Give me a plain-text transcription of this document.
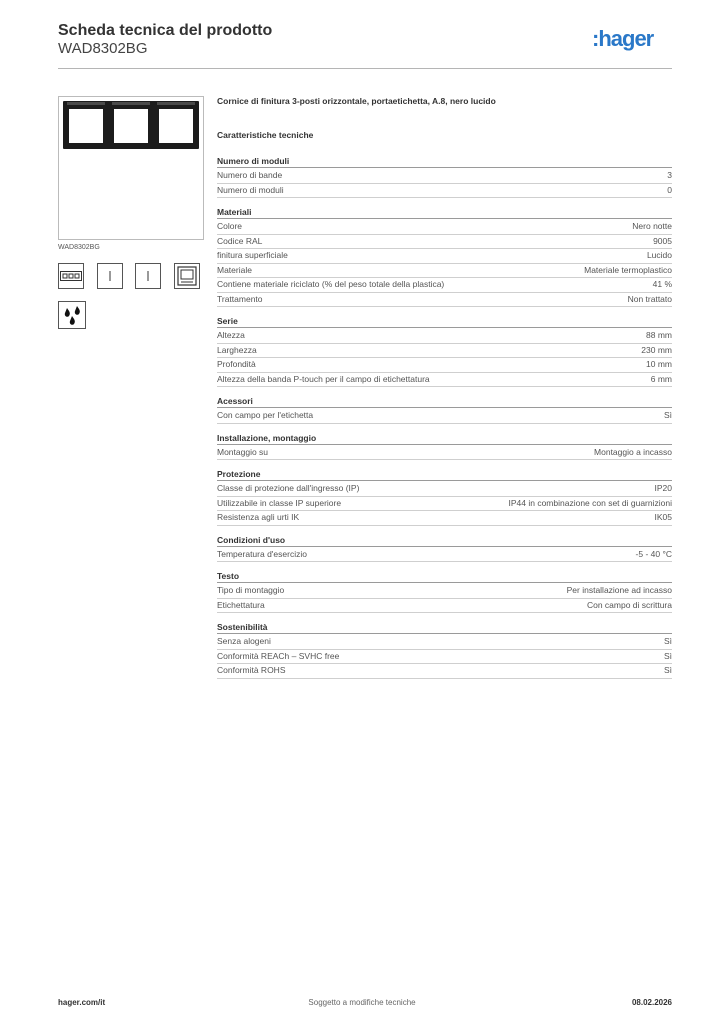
Scheda tecnica del prodotto
WAD8302BG	:hager
WAD8302BG
Cornice di finitura 3-posti orizzontale, portaetichetta, A.8, nero lucido
Caratteristiche tecniche
Numero di moduli
Numero di bande	3
Numero di moduli	0
Materiali
Colore	Nero notte
Codice RAL	9005
finitura superficiale	Lucido
Materiale	Materiale termoplastico
Contiene materiale riciclato (% del peso totale della plastica)	41 %
Trattamento	Non trattato
Serie
Altezza	88 mm
Larghezza	230 mm
Profondità	10 mm
Altezza della banda P-touch per il campo di etichettatura	6 mm
Acessori
Con campo per l'etichetta	Sì
Installazione, montaggio
Montaggio su	Montaggio a incasso
Protezione
Classe di protezione dall'ingresso (IP)	IP20
Utilizzabile in classe IP superiore	IP44 in combinazione con set di guarnizioni
Resistenza agli urti IK	IK05
Condizioni d'uso
Temperatura d'esercizio	-5 - 40 °C
Testo
Tipo di montaggio	Per installazione ad incasso
Etichettatura	Con campo di scrittura
Sostenibilità
Senza alogeni	Sì
Conformità REACh – SVHC free	Sì
Conformità ROHS	Sì
Soggetto a modifiche tecniche
hager.com/it	08.02.2026
